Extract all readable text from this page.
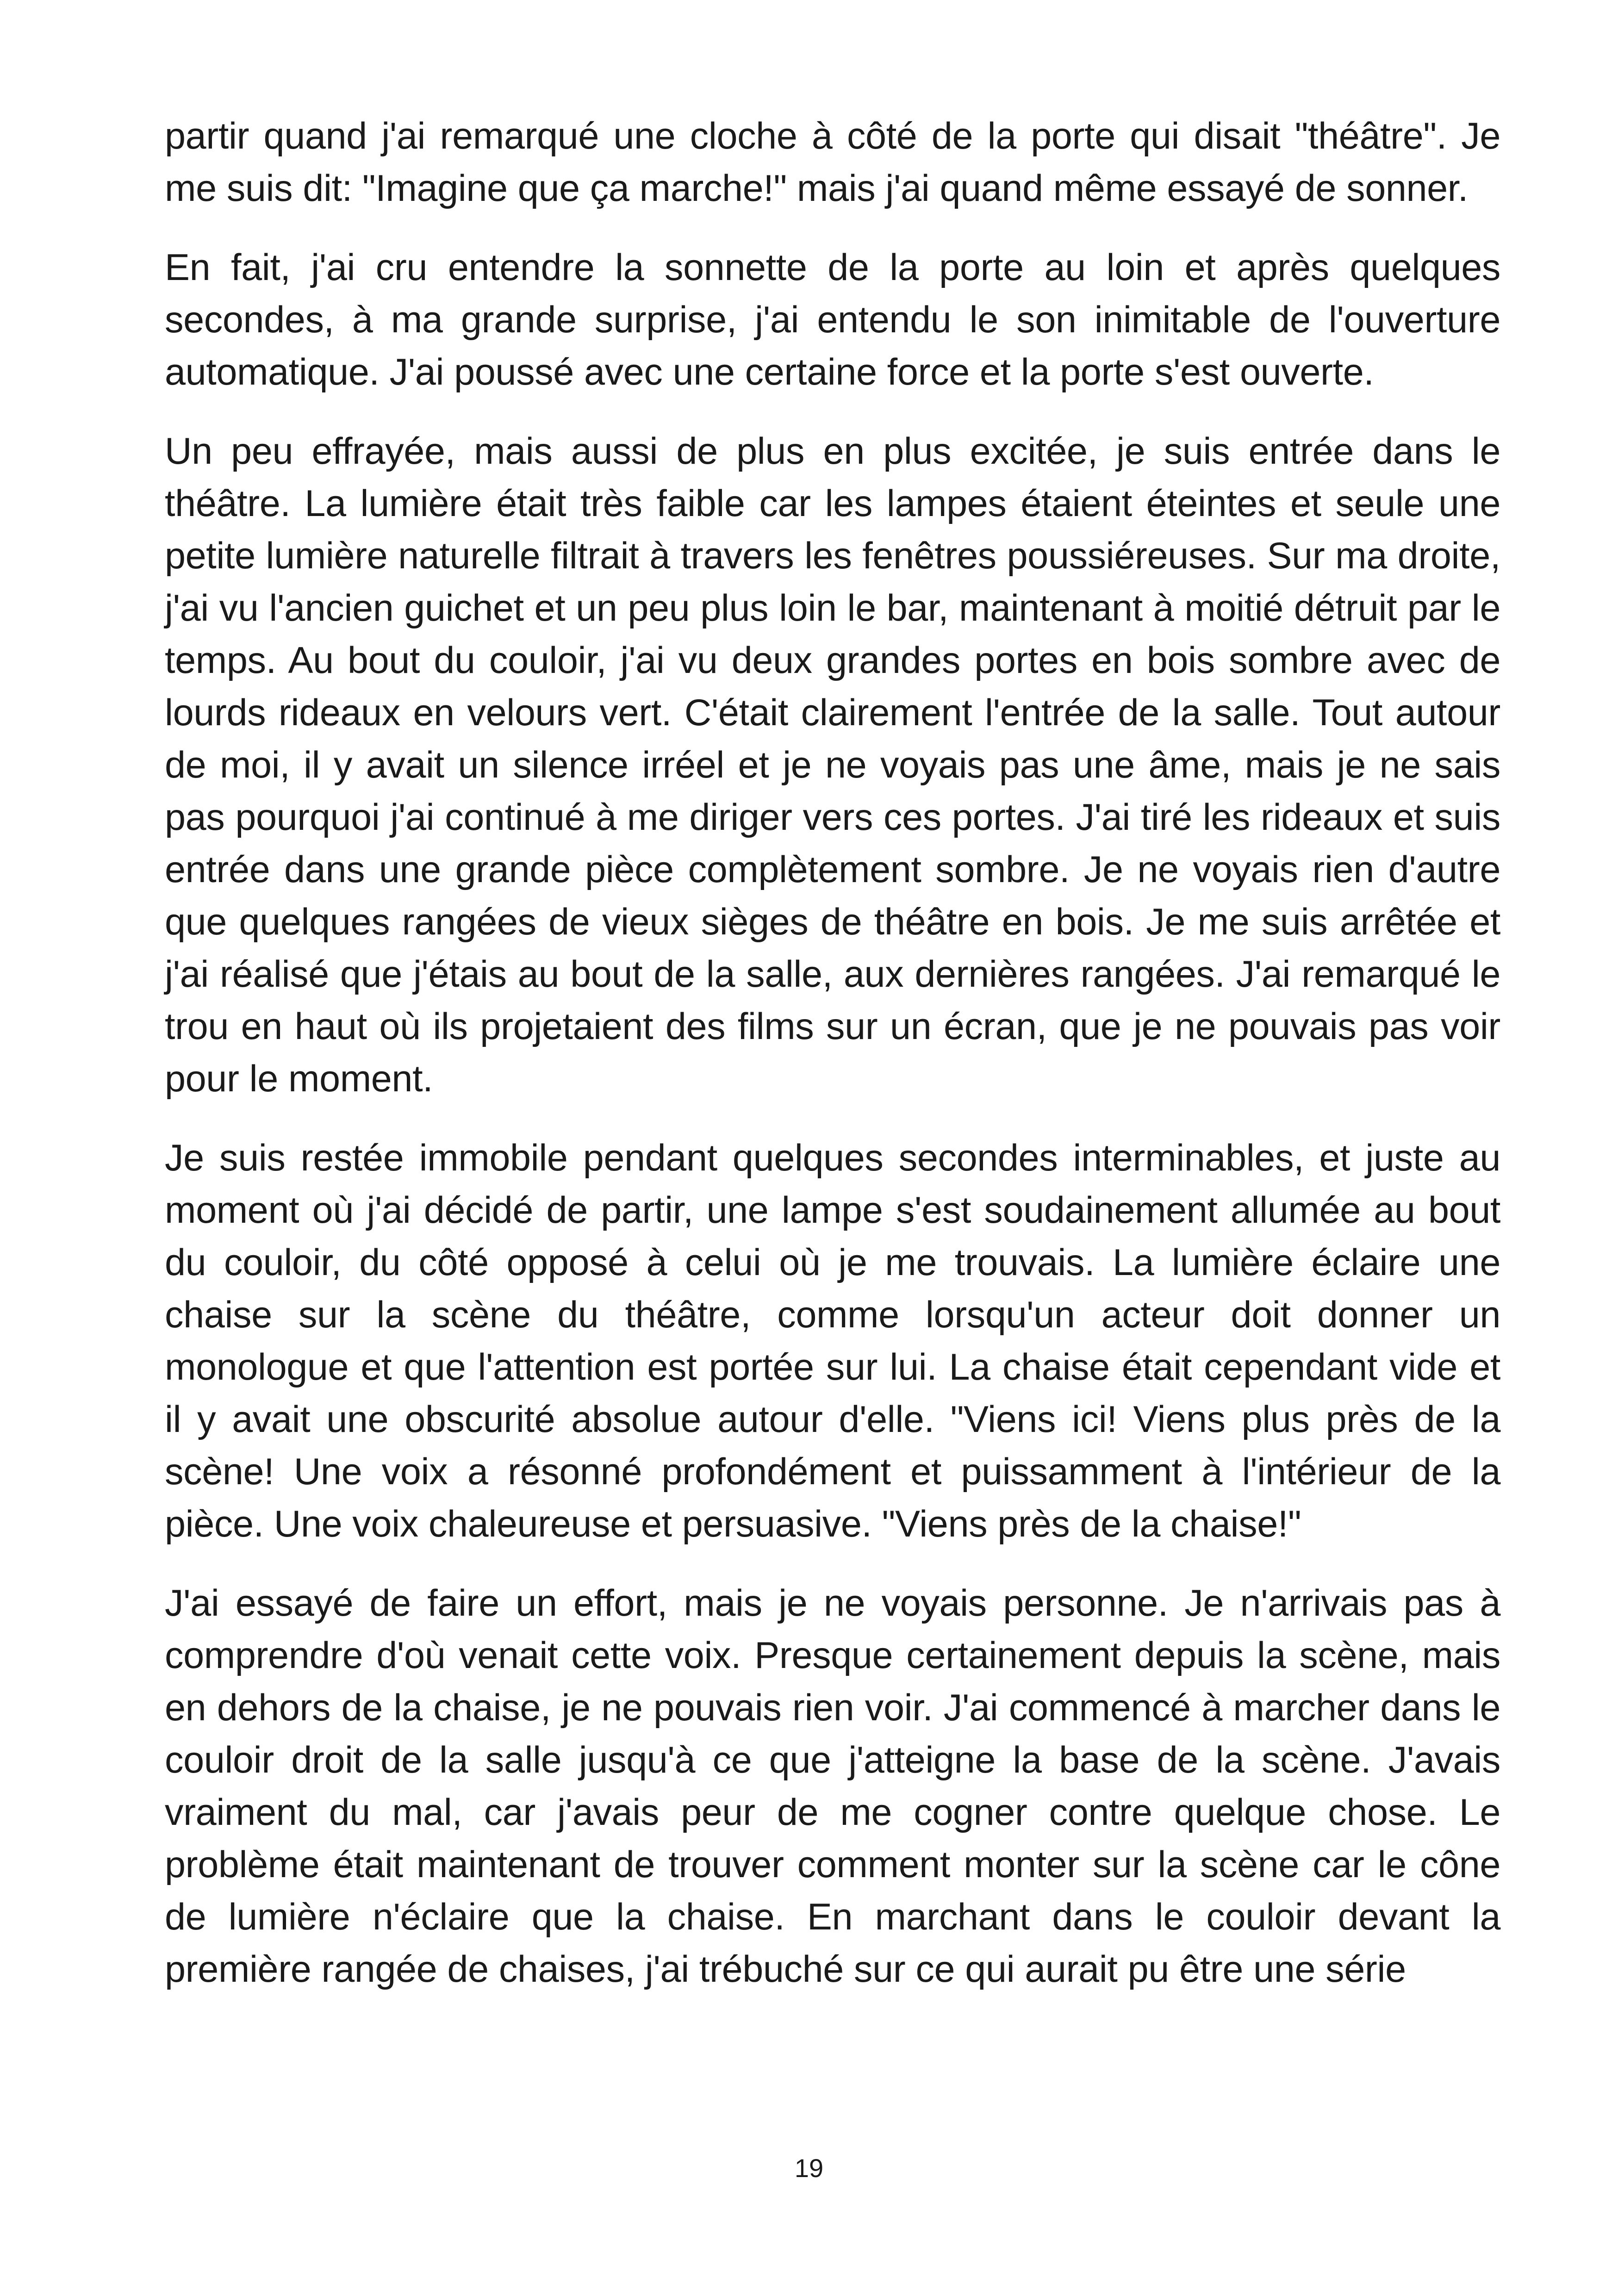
partir quand j'ai remarqué une cloche à côté de la porte qui disait "théâtre". Je me suis dit: "Imagine que ça marche!" mais j'ai quand même essayé de sonner.

En fait, j'ai cru entendre la sonnette de la porte au loin et après quelques secondes, à ma grande surprise, j'ai entendu le son inimitable de l'ouverture automatique. J'ai poussé avec une certaine force et la porte s'est ouverte.

Un peu effrayée, mais aussi de plus en plus excitée, je suis entrée dans le théâtre. La lumière était très faible car les lampes étaient éteintes et seule une petite lumière naturelle filtrait à travers les fenêtres poussiéreuses. Sur ma droite, j'ai vu l'ancien guichet et un peu plus loin le bar, maintenant à moitié détruit par le temps. Au bout du couloir, j'ai vu deux grandes portes en bois sombre avec de lourds rideaux en velours vert. C'était clairement l'entrée de la salle. Tout autour de moi, il y avait un silence irréel et je ne voyais pas une âme, mais je ne sais pas pourquoi j'ai continué à me diriger vers ces portes. J'ai tiré les rideaux et suis entrée dans une grande pièce complètement sombre. Je ne voyais rien d'autre que quelques rangées de vieux sièges de théâtre en bois. Je me suis arrêtée et j'ai réalisé que j'étais au bout de la salle, aux dernières rangées. J'ai remarqué le trou en haut où ils projetaient des films sur un écran, que je ne pouvais pas voir pour le moment.

Je suis restée immobile pendant quelques secondes interminables, et juste au moment où j'ai décidé de partir, une lampe s'est soudainement allumée au bout du couloir, du côté opposé à celui où je me trouvais. La lumière éclaire une chaise sur la scène du théâtre, comme lorsqu'un acteur doit donner un monologue et que l'attention est portée sur lui. La chaise était cependant vide et il y avait une obscurité absolue autour d'elle. "Viens ici! Viens plus près de la scène! Une voix a résonné profondément et puissamment à l'intérieur de la pièce. Une voix chaleureuse et persuasive. "Viens près de la chaise!"

J'ai essayé de faire un effort, mais je ne voyais personne. Je n'arrivais pas à comprendre d'où venait cette voix. Presque certainement depuis la scène, mais en dehors de la chaise, je ne pouvais rien voir. J'ai commencé à marcher dans le couloir droit de la salle jusqu'à ce que j'atteigne la base de la scène. J'avais vraiment du mal, car j'avais peur de me cogner contre quelque chose. Le problème était maintenant de trouver comment monter sur la scène car le cône de lumière n'éclaire que la chaise. En marchant dans le couloir devant la première rangée de chaises, j'ai trébuché sur ce qui aurait pu être une série

19
